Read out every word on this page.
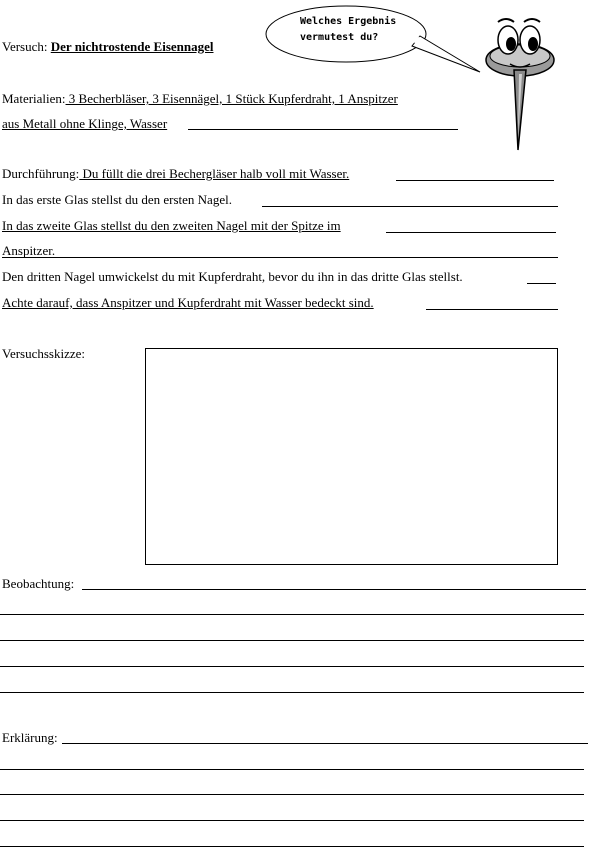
Versuch: Der nichtrostende Eisennagel
Welches Ergebnis
vermutest du?
Materialien: 3 Becherbläser, 3 Eisennägel, 1 Stück Kupferdraht, 1 Anspitzer
aus Metall ohne Klinge, Wasser
Durchführung: Du füllt die drei Bechergläser halb voll mit Wasser.
In das erste Glas stellst du den ersten Nagel.
In das zweite Glas stellst du den zweiten Nagel mit der Spitze im
Anspitzer.
Den dritten Nagel umwickelst du mit Kupferdraht, bevor du ihn in das dritte Glas stellst.
Achte darauf, dass Anspitzer und Kupferdraht mit Wasser bedeckt sind.
Versuchsskizze:
Beobachtung:
Erklärung:
